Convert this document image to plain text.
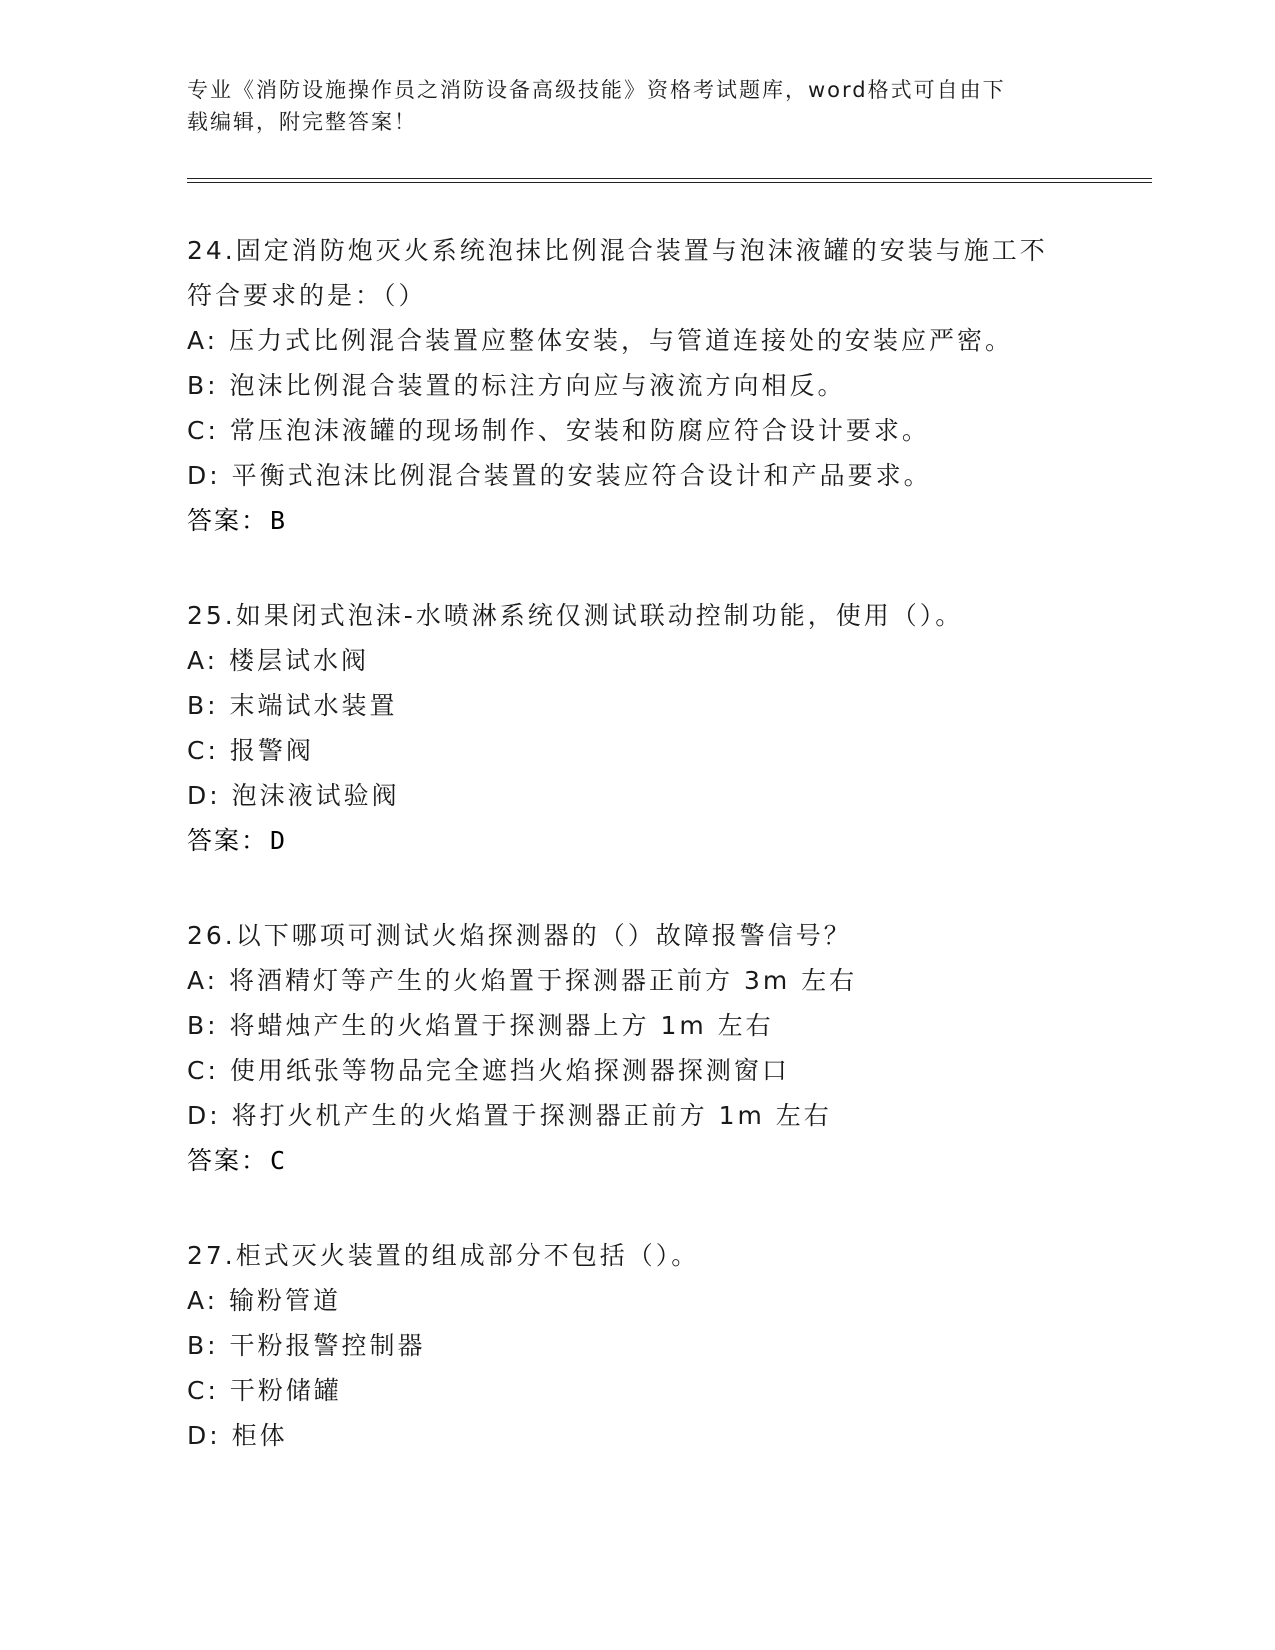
专业《消防设施操作员之消防设备高级技能》资格考试题库，word格式可自由下
载编辑，附完整答案！

24.固定消防炮灭火系统泡抹比例混合装置与泡沫液罐的安装与施工不

符合要求的是：（）

A: 压力式比例混合装置应整体安装，与管道连接处的安装应严密。

B: 泡沫比例混合装置的标注方向应与液流方向相反。

C: 常压泡沫液罐的现场制作、安装和防腐应符合设计要求。

D: 平衡式泡沫比例混合装置的安装应符合设计和产品要求。

答案：B

25.如果闭式泡沫-水喷淋系统仅测试联动控制功能，使用（）。

A: 楼层试水阀

B: 末端试水装置

C: 报警阀

D: 泡沫液试验阀

答案：D

26.以下哪项可测试火焰探测器的（）故障报警信号？

A: 将酒精灯等产生的火焰置于探测器正前方 3m 左右

B: 将蜡烛产生的火焰置于探测器上方 1m 左右

C: 使用纸张等物品完全遮挡火焰探测器探测窗口

D: 将打火机产生的火焰置于探测器正前方 1m 左右

答案：C

27.柜式灭火装置的组成部分不包括（）。

A: 输粉管道

B: 干粉报警控制器

C: 干粉储罐

D: 柜体
